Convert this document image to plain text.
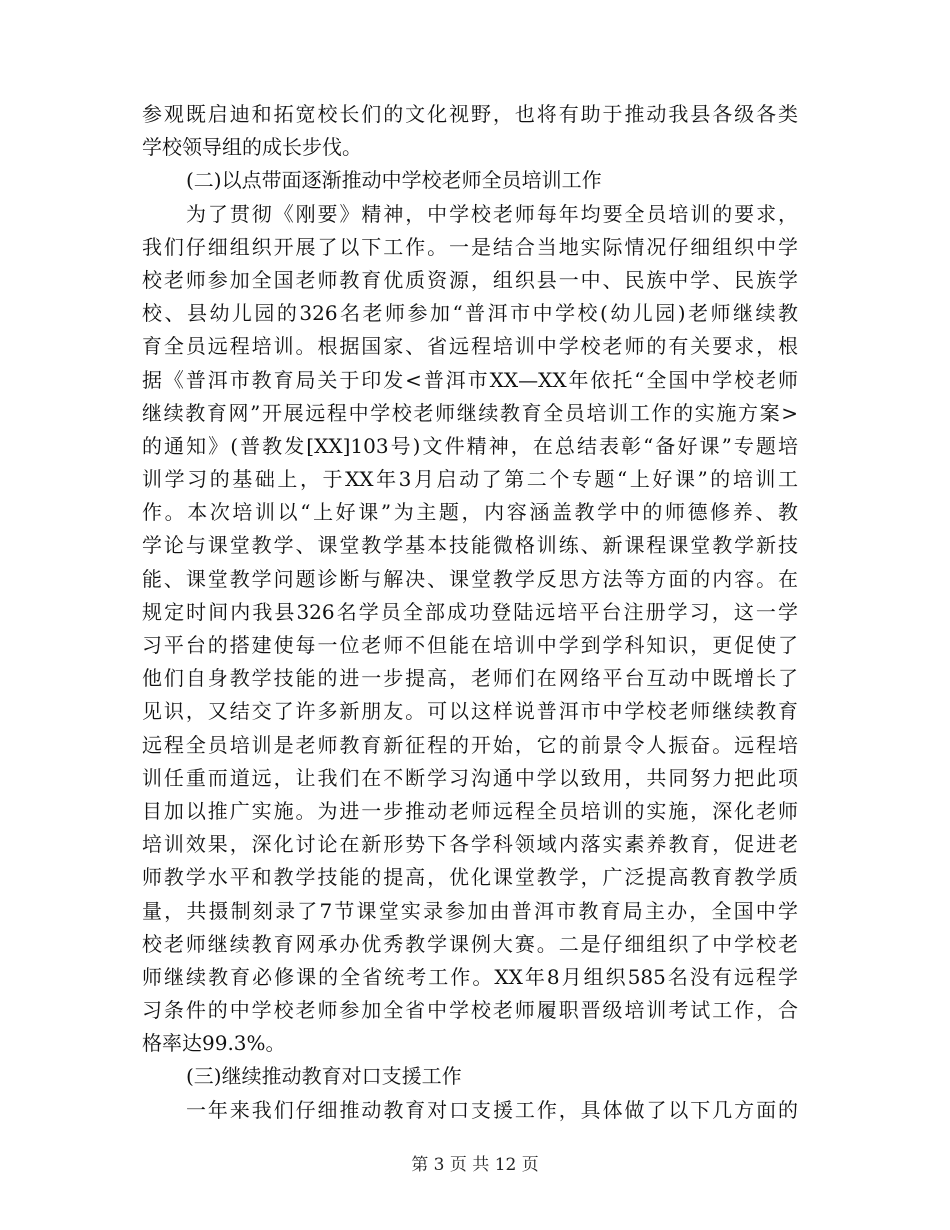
参观既启迪和拓宽校长们的文化视野，也将有助于推动我县各级各类
学校领导组的成长步伐。
(二)以点带面逐渐推动中学校老师全员培训工作
为了贯彻《刚要》精神，中学校老师每年均要全员培训的要求，
我们仔细组织开展了以下工作。一是结合当地实际情况仔细组织中学
校老师参加全国老师教育优质资源，组织县一中、民族中学、民族学
校、县幼儿园的326名老师参加“普洱市中学校(幼儿园)老师继续教
育全员远程培训。根据国家、省远程培训中学校老师的有关要求，根
据《普洱市教育局关于印发<普洱市XX—XX年依托“全国中学校老师
继续教育网”开展远程中学校老师继续教育全员培训工作的实施方案>
的通知》(普教发[XX]103号)文件精神，在总结表彰“备好课”专题培
训学习的基础上，于XX年3月启动了第二个专题“上好课”的培训工
作。本次培训以“上好课”为主题，内容涵盖教学中的师德修养、教
学论与课堂教学、课堂教学基本技能微格训练、新课程课堂教学新技
能、课堂教学问题诊断与解决、课堂教学反思方法等方面的内容。在
规定时间内我县326名学员全部成功登陆远培平台注册学习，这一学
习平台的搭建使每一位老师不但能在培训中学到学科知识，更促使了
他们自身教学技能的进一步提高，老师们在网络平台互动中既增长了
见识，又结交了许多新朋友。可以这样说普洱市中学校老师继续教育
远程全员培训是老师教育新征程的开始，它的前景令人振奋。远程培
训任重而道远，让我们在不断学习沟通中学以致用，共同努力把此项
目加以推广实施。为进一步推动老师远程全员培训的实施，深化老师
培训效果，深化讨论在新形势下各学科领域内落实素养教育，促进老
师教学水平和教学技能的提高，优化课堂教学，广泛提高教育教学质
量，共摄制刻录了7节课堂实录参加由普洱市教育局主办，全国中学
校老师继续教育网承办优秀教学课例大赛。二是仔细组织了中学校老
师继续教育必修课的全省统考工作。XX年8月组织585名没有远程学
习条件的中学校老师参加全省中学校老师履职晋级培训考试工作，合
格率达99.3%。
(三)继续推动教育对口支援工作
一年来我们仔细推动教育对口支援工作，具体做了以下几方面的
第 3 页 共 12 页
